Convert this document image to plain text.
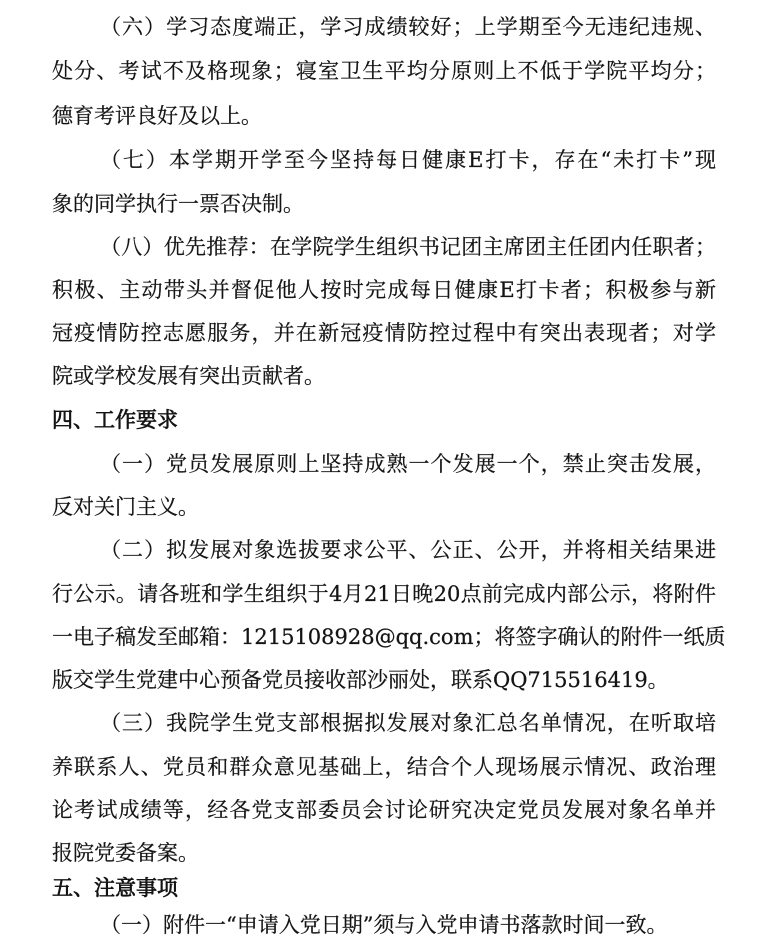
（六）学习态度端正，学习成绩较好；上学期至今无违纪违规、
处分、考试不及格现象；寝室卫生平均分原则上不低于学院平均分；
德育考评良好及以上。
（七）本学期开学至今坚持每日健康E打卡，存在“未打卡”现
象的同学执行一票否决制。
（八）优先推荐：在学院学生组织书记团主席团主任团内任职者；
积极、主动带头并督促他人按时完成每日健康E打卡者；积极参与新
冠疫情防控志愿服务，并在新冠疫情防控过程中有突出表现者；对学
院或学校发展有突出贡献者。
四、工作要求
（一）党员发展原则上坚持成熟一个发展一个，禁止突击发展，
反对关门主义。
（二）拟发展对象选拔要求公平、公正、公开，并将相关结果进
行公示。请各班和学生组织于4月21日晚20点前完成内部公示，将附件
一电子稿发至邮箱：1215108928@qq.com；将签字确认的附件一纸质
版交学生党建中心预备党员接收部沙丽处，联系QQ715516419。
（三）我院学生党支部根据拟发展对象汇总名单情况，在听取培
养联系人、党员和群众意见基础上，结合个人现场展示情况、政治理
论考试成绩等，经各党支部委员会讨论研究决定党员发展对象名单并
报院党委备案。
五、注意事项
（一）附件一“申请入党日期”须与入党申请书落款时间一致。
